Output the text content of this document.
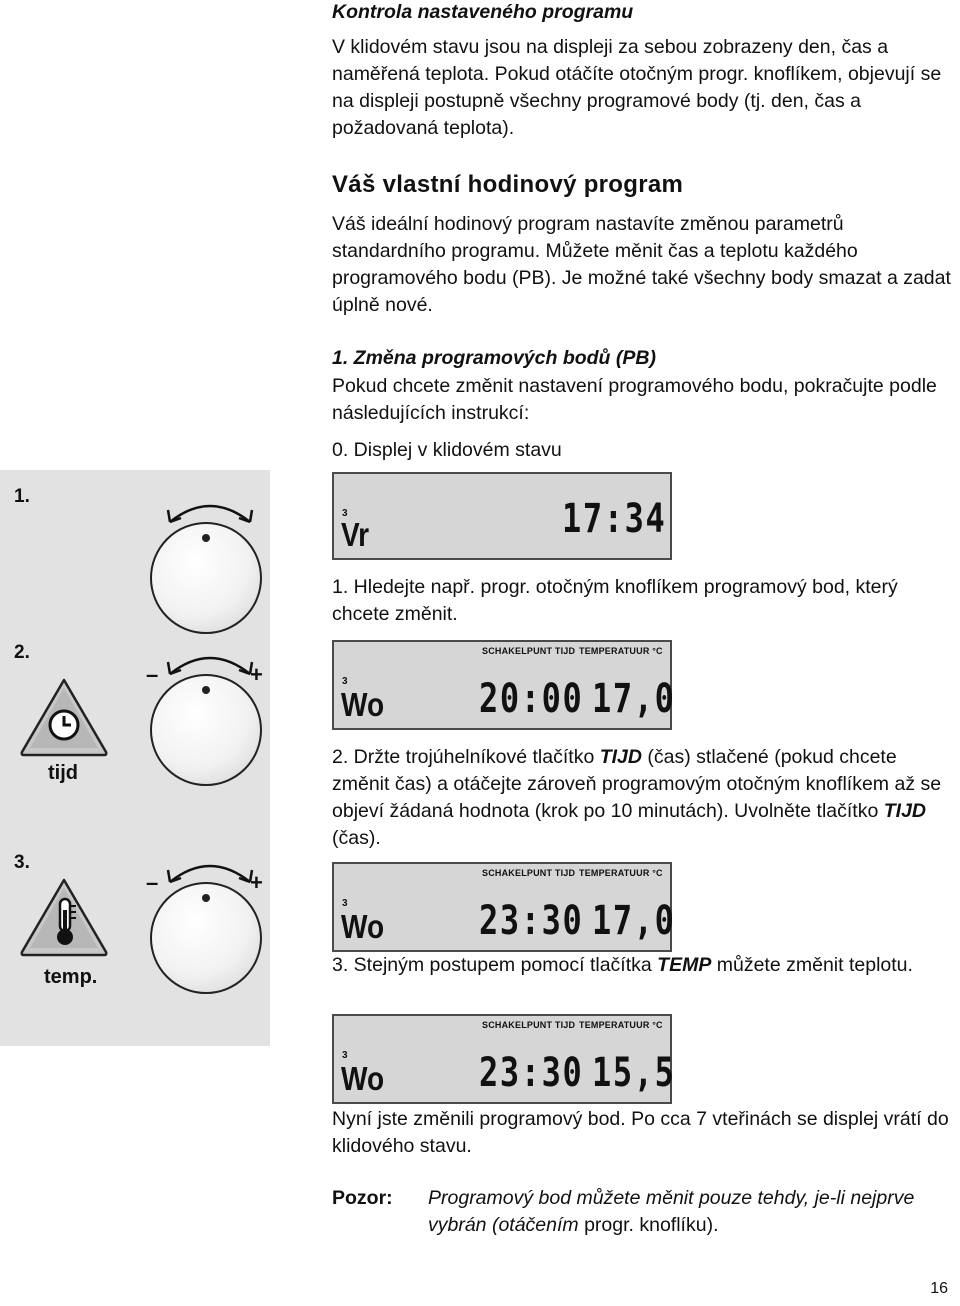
Kontrola nastaveného programu

V klidovém stavu jsou na displeji za sebou zobrazeny den, čas a naměřená teplota. Pokud otáčíte otočným progr. knoflíkem, objevují se na displeji postupně všechny programové body (tj. den, čas a požadovaná teplota).

Váš vlastní hodinový program

Váš ideální hodinový program nastavíte změnou parametrů standardního programu. Můžete měnit čas a teplotu každého programového bodu (PB). Je možné také všechny body smazat a zadat úplně nové.

1. Změna programových bodů (PB)

Pokud chcete změnit nastavení programového bodu, pokračujte podle následujících instrukcí:

0. Displej v klidovém stavu

3
Vr	17:34

1. Hledejte např. progr. otočným knoflíkem programový bod, který chcete změnit.

SCHAKELPUNT TIJD TEMPERATUUR °C
3
Wo 20:00 17,0

2. Držte trojúhelníkové tlačítko TIJD (čas) stlačené (pokud chcete změnit čas) a otáčejte zároveň programovým otočným knoflíkem až se objeví žádaná hodnota (krok po 10 minutách). Uvolněte tlačítko TIJD (čas).

SCHAKELPUNT TIJD TEMPERATUUR °C
3
Wo 23:30 17,0

3. Stejným postupem pomocí tlačítka TEMP můžete změnit teplotu.

SCHAKELPUNT TIJD TEMPERATUUR °C
3
Wo 23:30 15,5

Nyní jste změnili programový bod. Po cca 7 vteřinách se displej vrátí do klidového stavu.

Pozor: Programový bod můžete měnit pouze tehdy, je-li nejprve vybrán (otáčením progr. knoflíku).

1.
2.
3.
–	+
tijd
–	+
temp.
16
